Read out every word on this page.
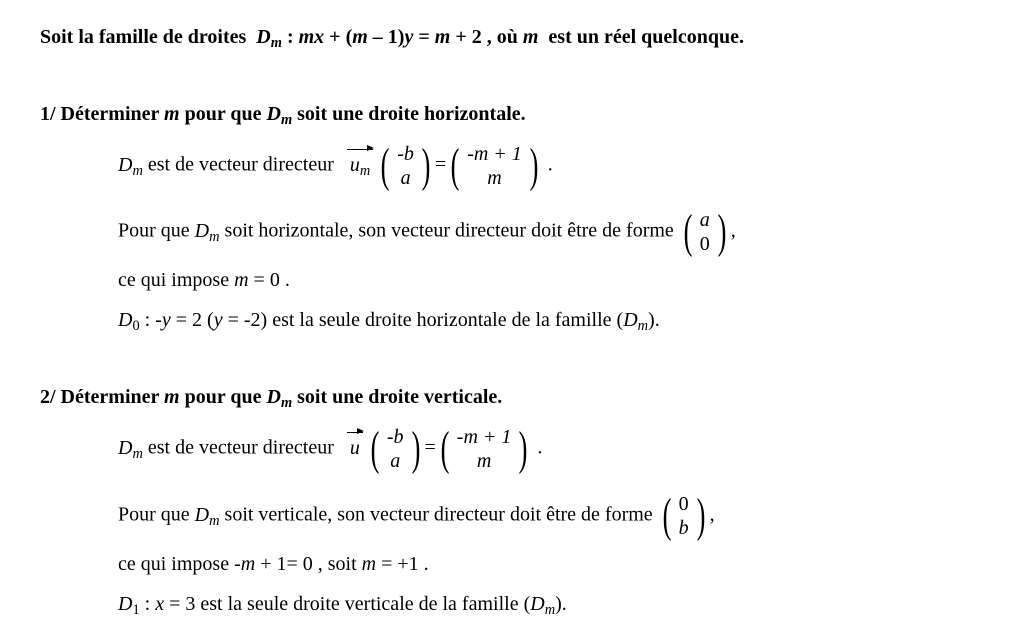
Soit la famille de droites $D_m$ : mx + (m – 1)y = m + 2 , où m  est un réel quelconque.
1/ Déterminer m pour que $D_m$ soit une droite horizontale.
$D_m$ est de vecteur directeur
$u_m$ ( -b
a ) = ( -m + 1
m ) .
Pour que $D_m$ soit horizontale, son vecteur directeur doit être de forme ( a
0 ) ,
ce qui impose m = 0 .
$D_0$ : -y = 2 (y = -2) est la seule droite horizontale de la famille $(D_m)$.
2/ Déterminer m pour que $D_m$ soit une droite verticale.
$D_m$ est de vecteur directeur
u ( -b
a ) = ( -m + 1
m ) .
Pour que $D_m$ soit verticale, son vecteur directeur doit être de forme ( 0
b ) ,
ce qui impose -m + 1= 0 , soit m = +1 .
$D_1$ : x = 3 est la seule droite verticale de la famille $(D_m)$.
